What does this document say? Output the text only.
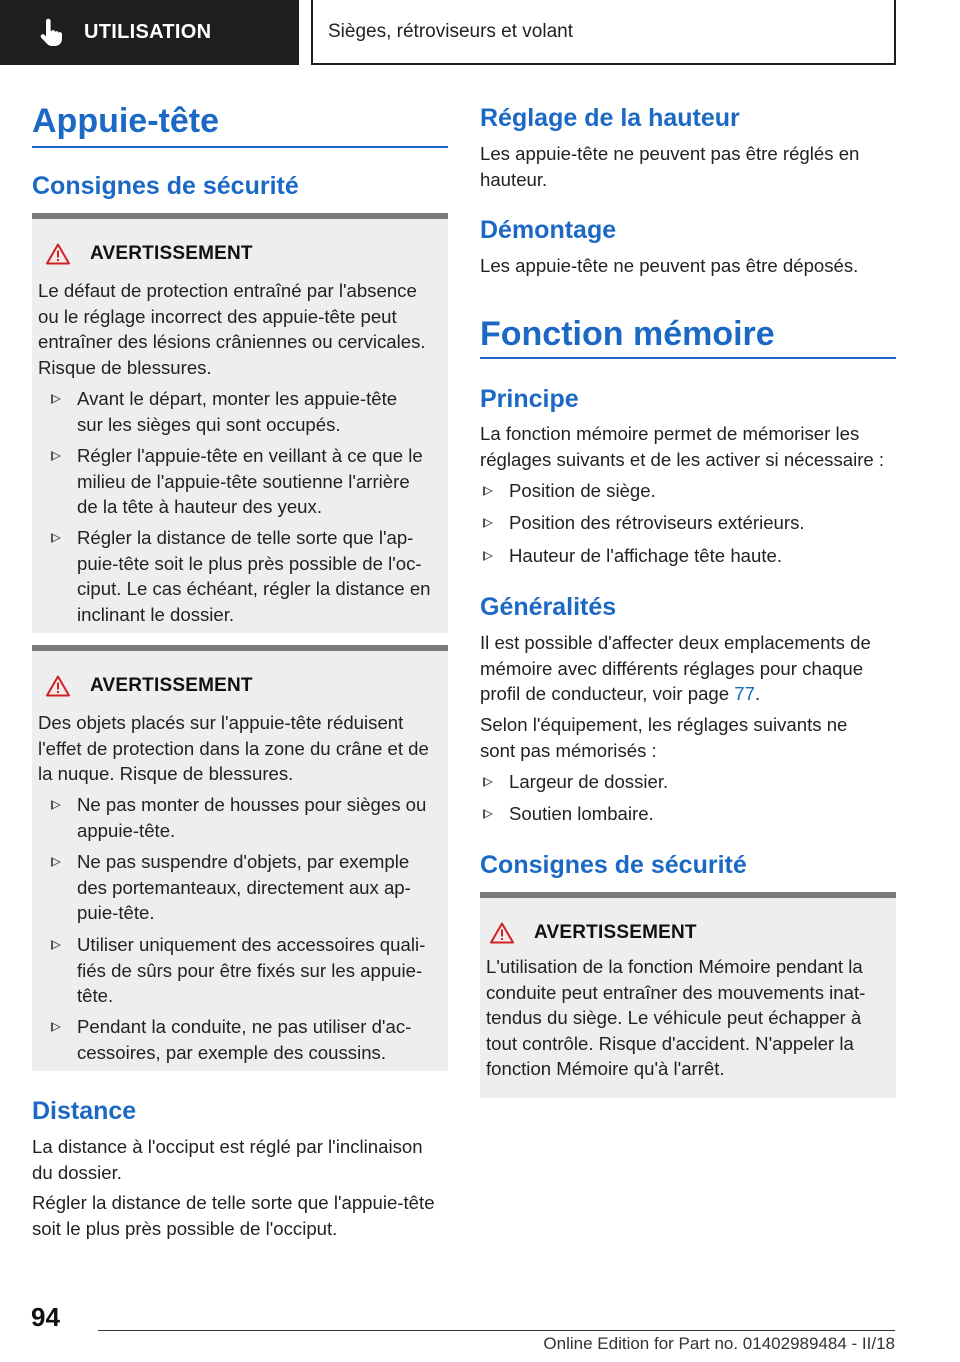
UTILISATION	Sièges, rétroviseurs et volant
Appuie-tête
Consignes de sécurité
AVERTISSEMENT
Le défaut de protection entraîné par l'absence
ou le réglage incorrect des appuie-tête peut
entraîner des lésions crâniennes ou cervicales.
Risque de blessures.
Avant le départ, monter les appuie-tête
sur les sièges qui sont occupés.
Régler l'appuie-tête en veillant à ce que le
milieu de l'appuie-tête soutienne l'arrière
de la tête à hauteur des yeux.
Régler la distance de telle sorte que l'ap‐
puie-tête soit le plus près possible de l'oc‐
ciput. Le cas échéant, régler la distance en
inclinant le dossier.
AVERTISSEMENT
Des objets placés sur l'appuie-tête réduisent
l'effet de protection dans la zone du crâne et de
la nuque. Risque de blessures.
Ne pas monter de housses pour sièges ou
appuie-tête.
Ne pas suspendre d'objets, par exemple
des portemanteaux, directement aux ap‐
puie-tête.
Utiliser uniquement des accessoires quali‐
fiés de sûrs pour être fixés sur les appuie-
tête.
Pendant la conduite, ne pas utiliser d'ac‐
cessoires, par exemple des coussins.
Distance
La distance à l'occiput est réglé par l'inclinaison
du dossier.
Régler la distance de telle sorte que l'appuie-tête
soit le plus près possible de l'occiput.
Réglage de la hauteur
Les appuie-tête ne peuvent pas être réglés en
hauteur.
Démontage
Les appuie-tête ne peuvent pas être déposés.
Fonction mémoire
Principe
La fonction mémoire permet de mémoriser les
réglages suivants et de les activer si nécessaire :
Position de siège.
Position des rétroviseurs extérieurs.
Hauteur de l'affichage tête haute.
Généralités
Il est possible d'affecter deux emplacements de
mémoire avec différents réglages pour chaque
profil de conducteur, voir page 77.
Selon l'équipement, les réglages suivants ne
sont pas mémorisés :
Largeur de dossier.
Soutien lombaire.
Consignes de sécurité
AVERTISSEMENT
L'utilisation de la fonction Mémoire pendant la
conduite peut entraîner des mouvements inat‐
tendus du siège. Le véhicule peut échapper à
tout contrôle. Risque d'accident. N'appeler la
fonction Mémoire qu'à l'arrêt.
94
Online Edition for Part no. 01402989484 - II/18
